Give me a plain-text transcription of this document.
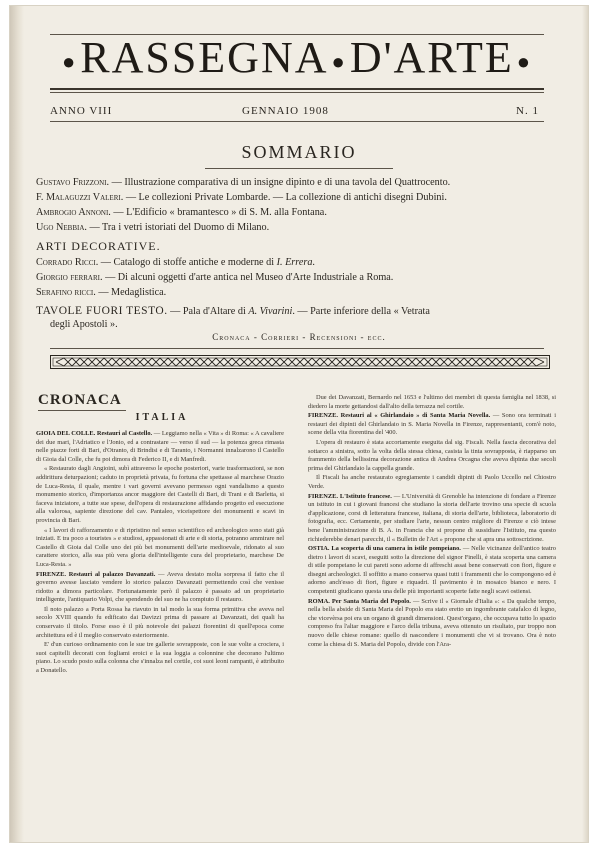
●RASSEGNA ●D'ARTE ●
ANNO VIII	GENNAIO 1908	N. 1
SOMMARIO
Gustavo Frizzoni. — Illustrazione comparativa di un insigne dipinto e di una tavola del Quattrocento.
F. Malaguzzi Valeri. — Le collezioni Private Lombarde. — La collezione di antichi disegni Dubini.
Ambrogio Annoni. — L'Edificio « bramantesco » di S. M. alla Fontana.
Ugo Nebbia. — Tra i vetri istoriati del Duomo di Milano.
ARTI DECORATIVE.
Corrado Ricci. — Catalogo di stoffe antiche e moderne di I. Errera.
Giorgio ferrari. — Di alcuni oggetti d'arte antica nel Museo d'Arte Industriale a Roma.
Serafino ricci. — Medaglistica.
TAVOLE FUORI TESTO. — Pala d'Altare di A. Vivarini. — Parte inferiore della « Vetrata
degli Apostoli ».
Cronaca - Corrieri - Recensioni - ecc.
CRONACA
ITALIA

GIOIA DEL COLLE. Restauri al Castello. — Leggiamo nella « Vita » di Roma: « A cavaliere dei due mari, l'Adriatico e l'Jonio, ed a contrastare — verso il sud — la potenza greca rimasta nelle piazze forti di Bari, d'Otranto, di Brindisi e di Taranto, i Normanni innalzarono il Castello di Gioia dal Colle, che fu poi dimora di Federico II, e di Manfredi.

« Restaurato dagli Angioini, subì attraverso le epoche posteriori, varie trasformazioni, se non addirittura deturpazioni; caduto in proprietà privata, fu fortuna che spettasse al marchese Orazio de Luca-Resta, il quale, mentre i vari governi avevano permesso ogni vandalismo a questo monumento storico, d'importanza ancor maggiore dei Castelli di Bari, di Trani e di Barletta, si faceva iniziatore, a tutte sue spese, dell'opera di restaurazione affidando progetto ed esecuzione alla valorosa, sapiente direzione del cav. Pantaleo, viceispettore dei monumenti e scavi in provincia di Bari.

« I lavori di rafforzamento e di ripristino nel senso scientifico ed archeologico sono stati già iniziati. E tra poco a touristes » e studiosi, appassionati di arte e di storia, potranno ammirare nel Castello di Gioia dal Colle uno dei più bei monumenti dell'arte medioevale, ridonato al suo carattere storico, alla sua più vera gloria dell'intelligente cura del proprietario, marchese De Luca-Resta. »

FIRENZE. Restauri al palazzo Davanzati. — Aveva destato molta sorpresa il fatto che il governo avesse lasciato vendere lo storico palazzo Davanzati permettendo così che venisse ridotto a dimora particolare. Fortunatamente però il palazzo è passato ad un proprietario intelligente, l'antiquario Volpi, che spendendo del suo ne ha compiuto il restauro.

Il noto palazzo a Porta Rossa ha riavuto in tal modo la sua forma primitiva che aveva nel secolo XVIII quando fu edificato dai Davizzi prima di passare ai Davanzati, dei quali ha conservato il titolo. Forse esso è il più notevole dei palazzi fiorentini di quell'epoca come architettura ed è il meglio conservato esteriormente.

E' d'un curioso ordinamento con le sue tre gallerie sovrapposte, con le sue volte a crociera, i suoi capitelli decorati con fogliami eroici e la sua loggia a colonnine che decorano l'ultimo piano. Lo scudo posto sulla colonna che s'innalza nel cortile, coi suoi leoni rampanti, è attribuito a Donatello.

Due dei Davanzati, Bernardo nel 1653 e l'ultimo dei membri di questa famiglia nel 1838, si diedero la morte gettandosi dall'alto della terrazza nel cortile.

FIRENZE. Restauri al « Ghirlandaio » di Santa Maria Novella. — Sono ora terminati i restauri dei dipinti del Ghirlandaio in S. Maria Novella in Firenze, rappresentanti, com'è noto, scene della vita fiorentina del '400.

L'opera di restauro è stata accortamente eseguita dal sig. Fiscali. Nella fascia decorativa del sottarco a sinistra, sotto la volta della stessa chiesa, casista la tinta sovrapposta, è riapparso un frammento della bellissima decorazione antica di Andrea Orcagna che aveva dipinta due secoli prima del Ghirlandaio la cappella grande.

Il Fiscali ha anche restaurato egregiamente i candidi dipinti di Paolo Uccello nel Chiostro Verde.

FIRENZE. L'Istituto francese. — L'Università di Grenoble ha intenzione di fondare a Firenze un istituto in cui i giovani francesi che studiano la storia dell'arte trovino una specie di scuola d'applicazione, corsi di letteratura francese, italiana, di storia dell'arte, biblioteca, laboratorio di fotografia, ecc. Certamente, per studiare l'arte, nessun centro migliore di Firenze e ciò intese bene l'amministrazione di B. A. in Francia che si propone di sussidiare l'Istituto, ma questo richiederebbe denari parecchi, il « Bulletin de l'Art » propone che si apra una sottoscrizione.

OSTIA. La scoperta di una camera in istile pompeiano. — Nelle vicinanze dell'antico teatro dietro i lavori di scavi, eseguiti sotto la direzione del signor Finelli, è stata scoperta una camera di stile pompeiano le cui pareti sono adorne di affreschi assai bene conservati con fiori, figure e disegni archeologici. Il soffitto a mano conserva quasi tutti i frammenti che lo compongono ed è adorno anch'esso di fiori, figure e riquadri. Il pavimento è in mosaico bianco e nero. I competenti giudicano questa una delle più importanti scoperte fatte negli scavi ostiensi.

ROMA. Per Santa Maria del Popolo. — Scrive il « Giornale d'Italia »: « Da qualche tempo, nella bella abside di Santa Maria del Popolo era stato eretto un ingombrante catafalco di legno, che vicevèrsa poi era un organo di grandi dimensioni. Quest'organo, che occupava tutto lo spazio compreso fra l'altar maggiore e l'arco della tribuna, aveva ottenuto un risultato, pur troppo non nuovo delle chiese romane: quello di nascondere i monumenti che vi si trovano. Ora è noto come la chiesa di S. Maria del Popolo, divide con l'Ara-
